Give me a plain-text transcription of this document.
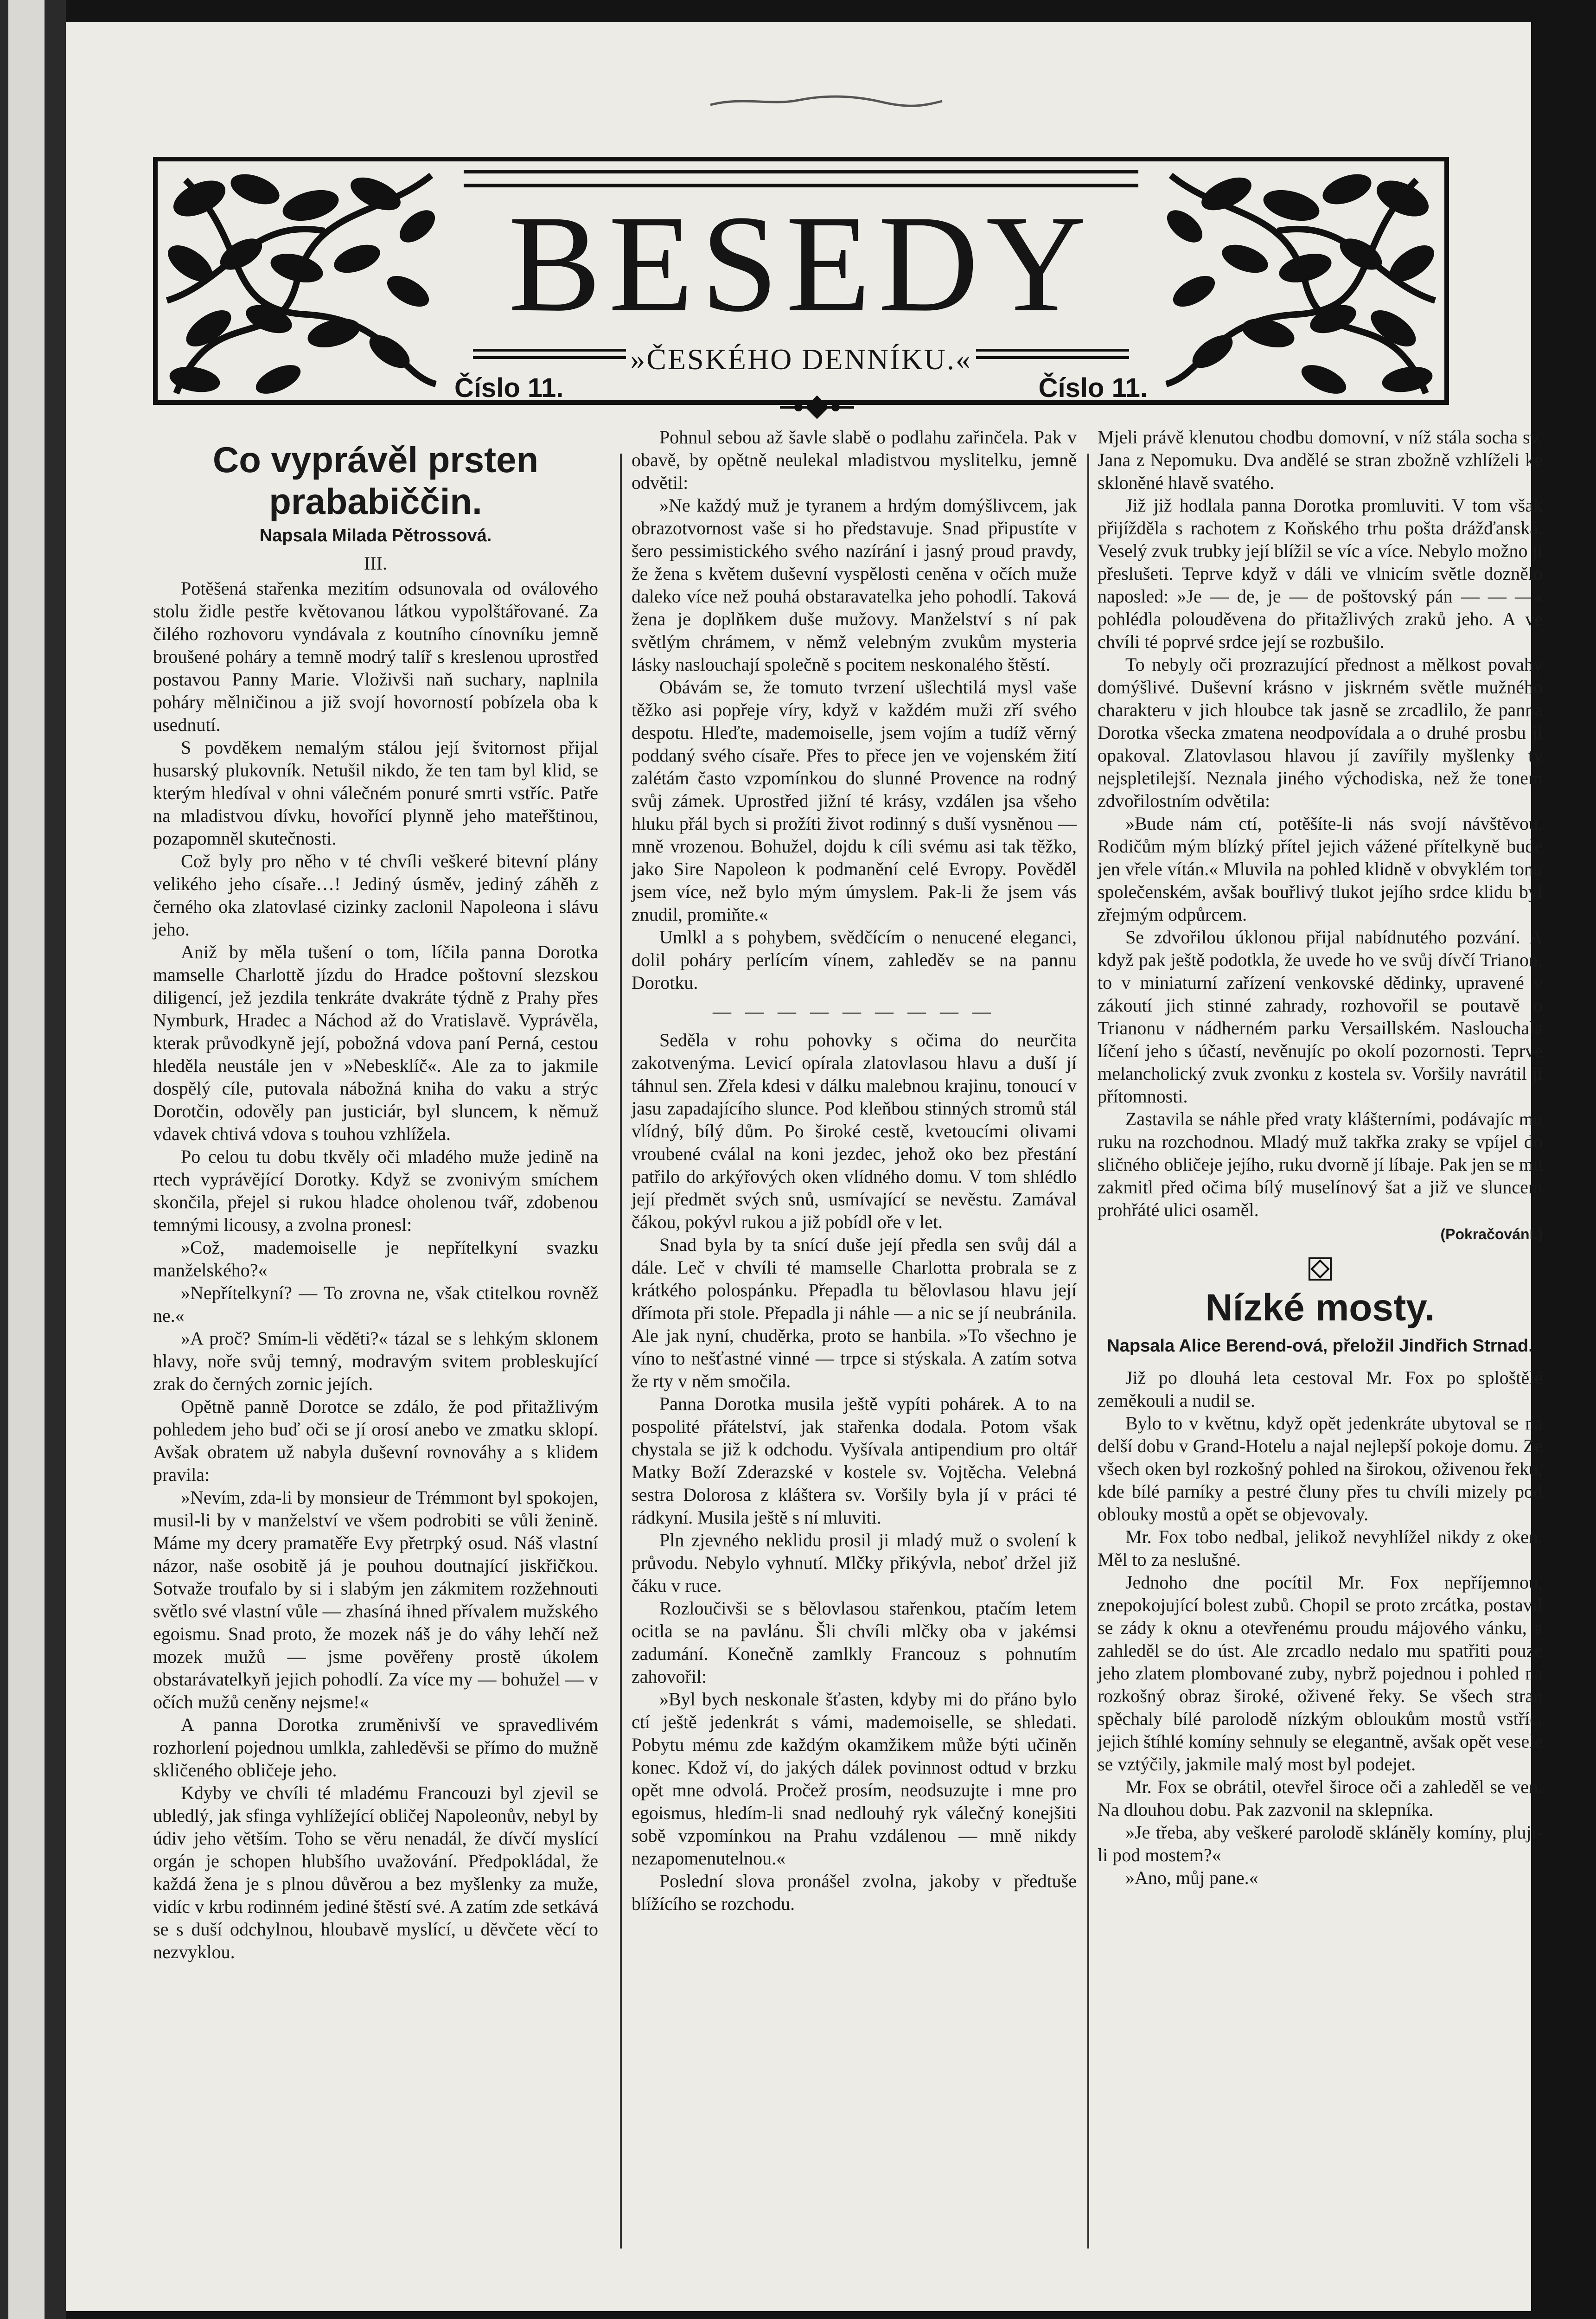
BESEDY
»ČESKÉHO DENNÍKU.«
Číslo 11.	Číslo 11.
Co vyprávěl prsten prababiččin.
Napsala Milada Pětrossová.
III.

Potěšená stařenka mezitím odsunovala od oválového stolu židle pestře květovanou látkou vypolštářované. Za čilého rozhovoru vyndávala z koutního cínovníku jemně broušené poháry a temně modrý talíř s kreslenou uprostřed postavou Panny Marie. Vloživši naň suchary, naplnila poháry mělničinou a již svojí hovorností pobízela oba k usednutí.

S povděkem nemalým stálou její švitornost přijal husarský plukovník. Netušil nikdo, že ten tam byl klid, se kterým hledíval v ohni válečném ponuré smrti vstříc. Patře na mladistvou dívku, hovořící plynně jeho mateřštinou, pozapomněl skutečnosti.

Což byly pro něho v té chvíli veškeré bitevní plány velikého jeho císaře…! Jediný úsměv, jediný záhěh z černého oka zlatovlasé cizinky zaclonil Napoleona i slávu jeho.

Aniž by měla tušení o tom, líčila panna Dorotka mamselle Charlottě jízdu do Hradce poštovní slezskou diligencí, jež jezdila tenkráte dvakráte týdně z Prahy přes Nymburk, Hradec a Náchod až do Vratislavě. Vyprávěla, kterak průvodkyně její, pobožná vdova paní Perná, cestou hleděla neustále jen v »Nebesklíč«. Ale za to jakmile dospělý cíle, putovala nábožná kniha do vaku a strýc Dorotčin, odověly pan justiciár, byl sluncem, k němuž vdavek chtivá vdova s touhou vzhlížela.

Po celou tu dobu tkvěly oči mladého muže jedině na rtech vyprávějící Dorotky. Když se zvonivým smíchem skončila, přejel si rukou hladce oholenou tvář, zdobenou temnými licousy, a zvolna pronesl:

»Což, mademoiselle je nepřítelkyní svazku manželského?«

»Nepřítelkyní? — To zrovna ne, však ctitelkou rovněž ne.«

»A proč? Smím-li věděti?« tázal se s lehkým sklonem hlavy, noře svůj temný, modravým svitem probleskující zrak do černých zornic jejích.

Opětně panně Dorotce se zdálo, že pod přitažlivým pohledem jeho buď oči se jí orosí anebo ve zmatku sklopí. Avšak obratem už nabyla duševní rovnováhy a s klidem pravila:

»Nevím, zda-li by monsieur de Trémmont byl spokojen, musil-li by v manželství ve všem podrobiti se vůli ženině. Máme my dcery pramatěře Evy přetrpký osud. Náš vlastní názor, naše osobitě já je pouhou doutnající jiskřičkou. Sotvaže troufalo by si i slabým jen zákmitem rozžehnouti světlo své vlastní vůle — zhasíná ihned přívalem mužského egoismu. Snad proto, že mozek náš je do váhy lehčí než mozek mužů — jsme pověřeny prostě úkolem obstarávatelkyň jejich pohodlí. Za více my — bohužel — v očích mužů ceněny nejsme!«

A panna Dorotka zruměnivší ve spravedlivém rozhorlení pojednou umlkla, zahleděvši se přímo do mužně skličeného obličeje jeho.

Kdyby ve chvíli té mladému Francouzi byl zjevil se ubledlý, jak sfinga vyhlížející obličej Napoleonův, nebyl by údiv jeho větším. Toho se věru nenadál, že dívčí myslící orgán je schopen hlubšího uvažování. Předpokládal, že každá žena je s plnou důvěrou a bez myšlenky za muže, vidíc v krbu rodinném jediné štěstí své. A zatím zde setkává se s duší odchylnou, hloubavě myslící, u děvčete věcí to nezvyklou.

Pohnul sebou až šavle slabě o podlahu zařinčela. Pak v obavě, by opětně neulekal mladistvou myslitelku, jemně odvětil:

»Ne každý muž je tyranem a hrdým domýšlivcem, jak obrazotvornost vaše si ho představuje. Snad připustíte v šero pessimistického svého nazírání i jasný proud pravdy, že žena s květem duševní vyspělosti ceněna v očích muže daleko více než pouhá obstaravatelka jeho pohodlí. Taková žena je doplňkem duše mužovy. Manželství s ní pak světlým chrámem, v němž velebným zvukům mysteria lásky naslouchají společně s pocitem neskonalého štěstí.

Obávám se, že tomuto tvrzení ušlechtilá mysl vaše těžko asi popřeje víry, když v každém muži zří svého despotu. Hleďte, mademoiselle, jsem vojím a tudíž věrný poddaný svého císaře. Přes to přece jen ve vojenském žití zalétám často vzpomínkou do slunné Provence na rodný svůj zámek. Uprostřed jižní té krásy, vzdálen jsa všeho hluku přál bych si prožíti život rodinný s duší vysněnou — mně vrozenou. Bohužel, dojdu k cíli svému asi tak těžko, jako Sire Napoleon k podmanění celé Evropy. Pověděl jsem více, než bylo mým úmyslem. Pak-li že jsem vás znudil, promiňte.«

Umlkl a s pohybem, svědčícím o nenucené eleganci, dolil poháry perlícím vínem, zahleděv se na pannu Dorotku.

— — — — — — — — —

Seděla v rohu pohovky s očima do neurčita zakotvenýma. Levicí opírala zlatovlasou hlavu a duší jí táhnul sen. Zřela kdesi v dálku malebnou krajinu, tonoucí v jasu zapadajícího slunce. Pod kleňbou stinných stromů stál vlídný, bílý dům. Po široké cestě, kvetoucími olivami vroubené cválal na koni jezdec, jehož oko bez přestání patřilo do arkýřových oken vlídného domu. V tom shlédlo její předmět svých snů, usmívající se nevěstu. Zamával čákou, pokývl rukou a již pobídl oře v let.

Snad byla by ta snící duše její předla sen svůj dál a dále. Leč v chvíli té mamselle Charlotta probrala se z krátkého polospánku. Přepadla tu bělovlasou hlavu její dřímota při stole. Přepadla ji náhle — a nic se jí neubránila. Ale jak nyní, chuděrka, proto se hanbila. »To všechno je víno to nešťastné vinné — trpce si stýskala. A zatím sotva že rty v něm smočila.

Panna Dorotka musila ještě vypíti pohárek. A to na pospolité přátelství, jak stařenka dodala. Potom však chystala se již k odchodu. Vyšívala antipendium pro oltář Matky Boží Zderazské v kostele sv. Vojtěcha. Velebná sestra Dolorosa z kláštera sv. Voršily byla jí v práci té rádkyní. Musila ještě s ní mluviti.

Pln zjevného neklidu prosil ji mladý muž o svolení k průvodu. Nebylo vyhnutí. Mlčky přikývla, neboť držel již čáku v ruce.

Rozloučivši se s bělovlasou stařenkou, ptačím letem ocitla se na pavlánu. Šli chvíli mlčky oba v jakémsi zadumání. Konečně zamlkly Francouz s pohnutím zahovořil:

»Byl bych neskonale šťasten, kdyby mi do přáno bylo ctí ještě jedenkrát s vámi, mademoiselle, se shledati. Pobytu mému zde každým okamžikem může býti učiněn konec. Kdož ví, do jakých dálek povinnost odtud v brzku opět mne odvolá. Pročež prosím, neodsuzujte i mne pro egoismus, hledím-li snad nedlouhý ryk válečný konejšiti sobě vzpomínkou na Prahu vzdálenou — mně nikdy nezapomenutelnou.«

Poslední slova pronášel zvolna, jakoby v předtuše blížícího se rozchodu.

Mjeli právě klenutou chodbu domovní, v níž stála socha sv. Jana z Nepomuku. Dva andělé se stran zbožně vzhlíželi ke skloněné hlavě svatého.

Již již hodlala panna Dorotka promluviti. V tom však přijížděla s rachotem z Koňského trhu pošta drážďanská. Veselý zvuk trubky její blížil se víc a více. Nebylo možno ji přeslušeti. Teprve když v dáli ve vlnicím světle doznělo naposled: »Je — de, je — de poštovský pán — — —« pohlédla polouděvena do přitažlivých zraků jeho. A ve chvíli té poprvé srdce její se rozbušilo.

To nebyly oči prozrazující přednost a mělkost povahy domýšlivé. Duševní krásno v jiskrném světle mužného charakteru v jich hloubce tak jasně se zrcadlilo, že panna Dorotka všecka zmatena neodpovídala a o druhé prosbu jí opakoval. Zlatovlasou hlavou jí zavířily myšlenky ty nejspletilejší. Neznala jiného východiska, než že tonem zdvořilostním odvětila:

»Bude nám ctí, potěšíte-li nás svojí návštěvou. Rodičům mým blízký přítel jejich vážené přítelkyně bude jen vřele vítán.« Mluvila na pohled klidně v obvyklém tonu společenském, avšak bouřlivý tlukot jejího srdce klidu byl zřejmým odpůrcem.

Se zdvořilou úklonou přijal nabídnutého pozvání. A když pak ještě podotkla, že uvede ho ve svůj dívčí Trianon, to v miniaturní zařízení venkovské dědinky, upravené v zákoutí jich stinné zahrady, rozhovořil se poutavě o Trianonu v nádherném parku Versaillském. Naslouchala líčení jeho s účastí, nevěnujíc po okolí pozornosti. Teprve melancholický zvuk zvonku z kostela sv. Voršily navrátil ji přítomnosti.

Zastavila se náhle před vraty klášterními, podávajíc mu ruku na rozchodnou. Mladý muž takřka zraky se vpíjel do sličného obličeje jejího, ruku dvorně jí líbaje. Pak jen se mu zakmitl před očima bílý muselínový šat a již ve sluncem prohřáté ulici osaměl.

(Pokračování.)
Nízké mosty.
Napsala Alice Berend-ová, přeložil Jindřich Strnad.

Již po dlouhá leta cestoval Mr. Fox po sploštělé zeměkouli a nudil se.

Bylo to v květnu, když opět jedenkráte ubytoval se na delší dobu v Grand-Hotelu a najal nejlepší pokoje domu. Ze všech oken byl rozkošný pohled na širokou, oživenou řeku, kde bílé parníky a pestré čluny přes tu chvíli mizely pod obloukу mostů a opět se objevovaly.

Mr. Fox tobo nedbal, jelikož nevyhlížel nikdy z oken. Měl to za neslušné.

Jednoho dne pocítil Mr. Fox nepříjemnou, znepokojující bolest zubů. Chopil se proto zrcátka, postavil se zády k oknu a otevřenému proudu májového vánku, a zahleděl se do úst. Ale zrcadlo nedalo mu spatřiti pouze jeho zlatem plombované zuby, nybrž pojednou i pohled na rozkošný obraz široké, oživené řeky. Se všech stran spěchaly bílé parolodě nízkým obloukům mostů vstříc, jejich štíhlé komíny sehnuly se elegantně, avšak opět vesele se vztýčily, jakmile malý most byl podejet.

Mr. Fox se obrátil, otevřel široce oči a zahleděl se ven. Na dlouhou dobu. Pak zazvonil na sklepníka.

»Je třeba, aby veškeré parolodě skláněly komíny, plují-li pod mostem?«

»Ano, můj pane.«
